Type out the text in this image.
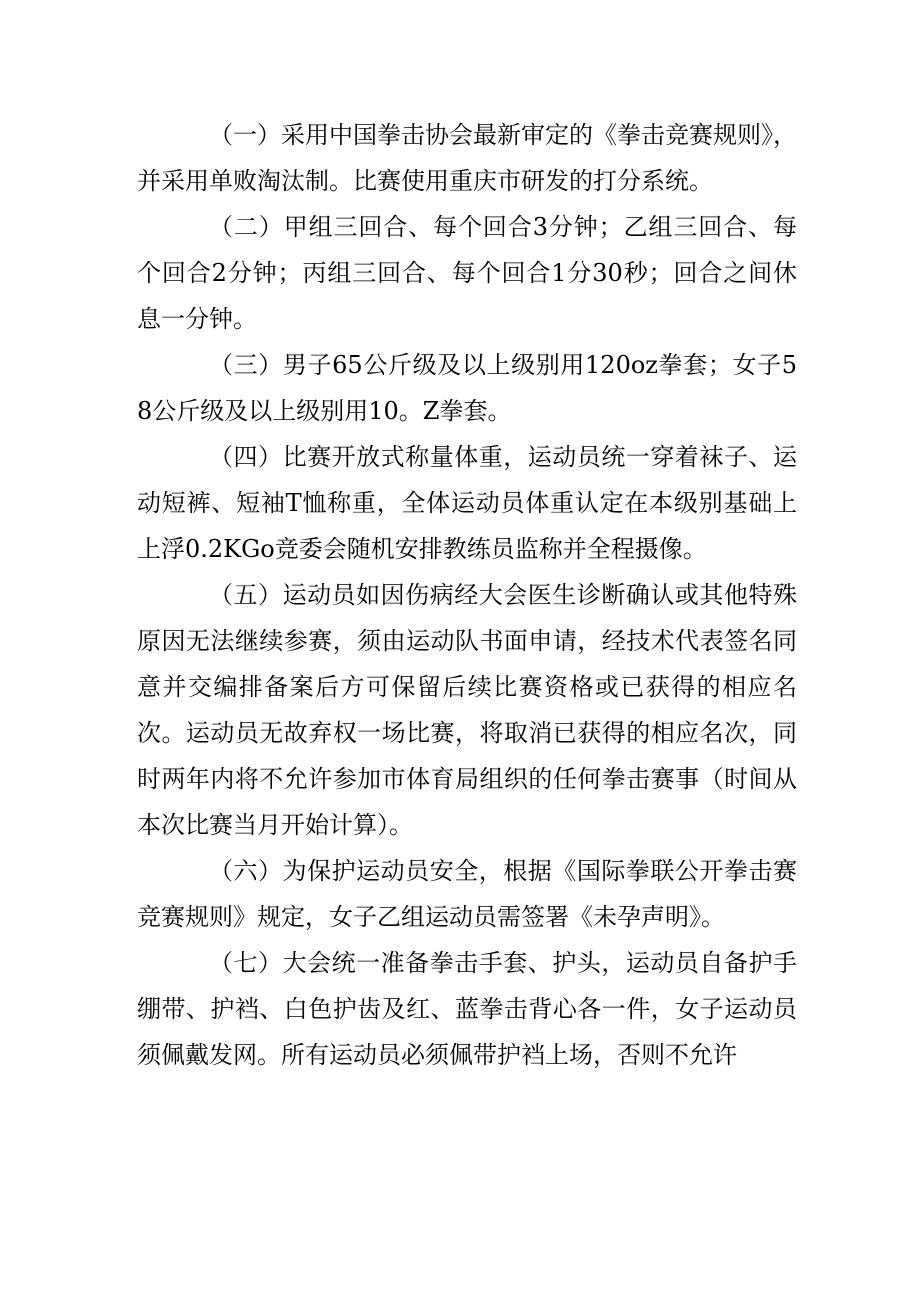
（一）采用中国拳击协会最新审定的《拳击竞赛规则》，并采用单败淘汰制。比赛使用重庆市研发的打分系统。

（二）甲组三回合、每个回合3分钟；乙组三回合、每个回合2分钟；丙组三回合、每个回合1分30秒；回合之间休息一分钟。

（三）男子65公斤级及以上级别用120oz拳套；女子58公斤级及以上级别用10。Z拳套。

（四）比赛开放式称量体重，运动员统一穿着袜子、运动短裤、短袖T恤称重，全体运动员体重认定在本级别基础上上浮0.2KGo竞委会随机安排教练员监称并全程摄像。

（五）运动员如因伤病经大会医生诊断确认或其他特殊原因无法继续参赛，须由运动队书面申请，经技术代表签名同意并交编排备案后方可保留后续比赛资格或已获得的相应名次。运动员无故弃权一场比赛，将取消已获得的相应名次，同时两年内将不允许参加市体育局组织的任何拳击赛事（时间从本次比赛当月开始计算）。

（六）为保护运动员安全，根据《国际拳联公开拳击赛竞赛规则》规定，女子乙组运动员需签署《未孕声明》。

（七）大会统一准备拳击手套、护头，运动员自备护手绷带、护裆、白色护齿及红、蓝拳击背心各一件，女子运动员须佩戴发网。所有运动员必须佩带护裆上场，否则不允许
